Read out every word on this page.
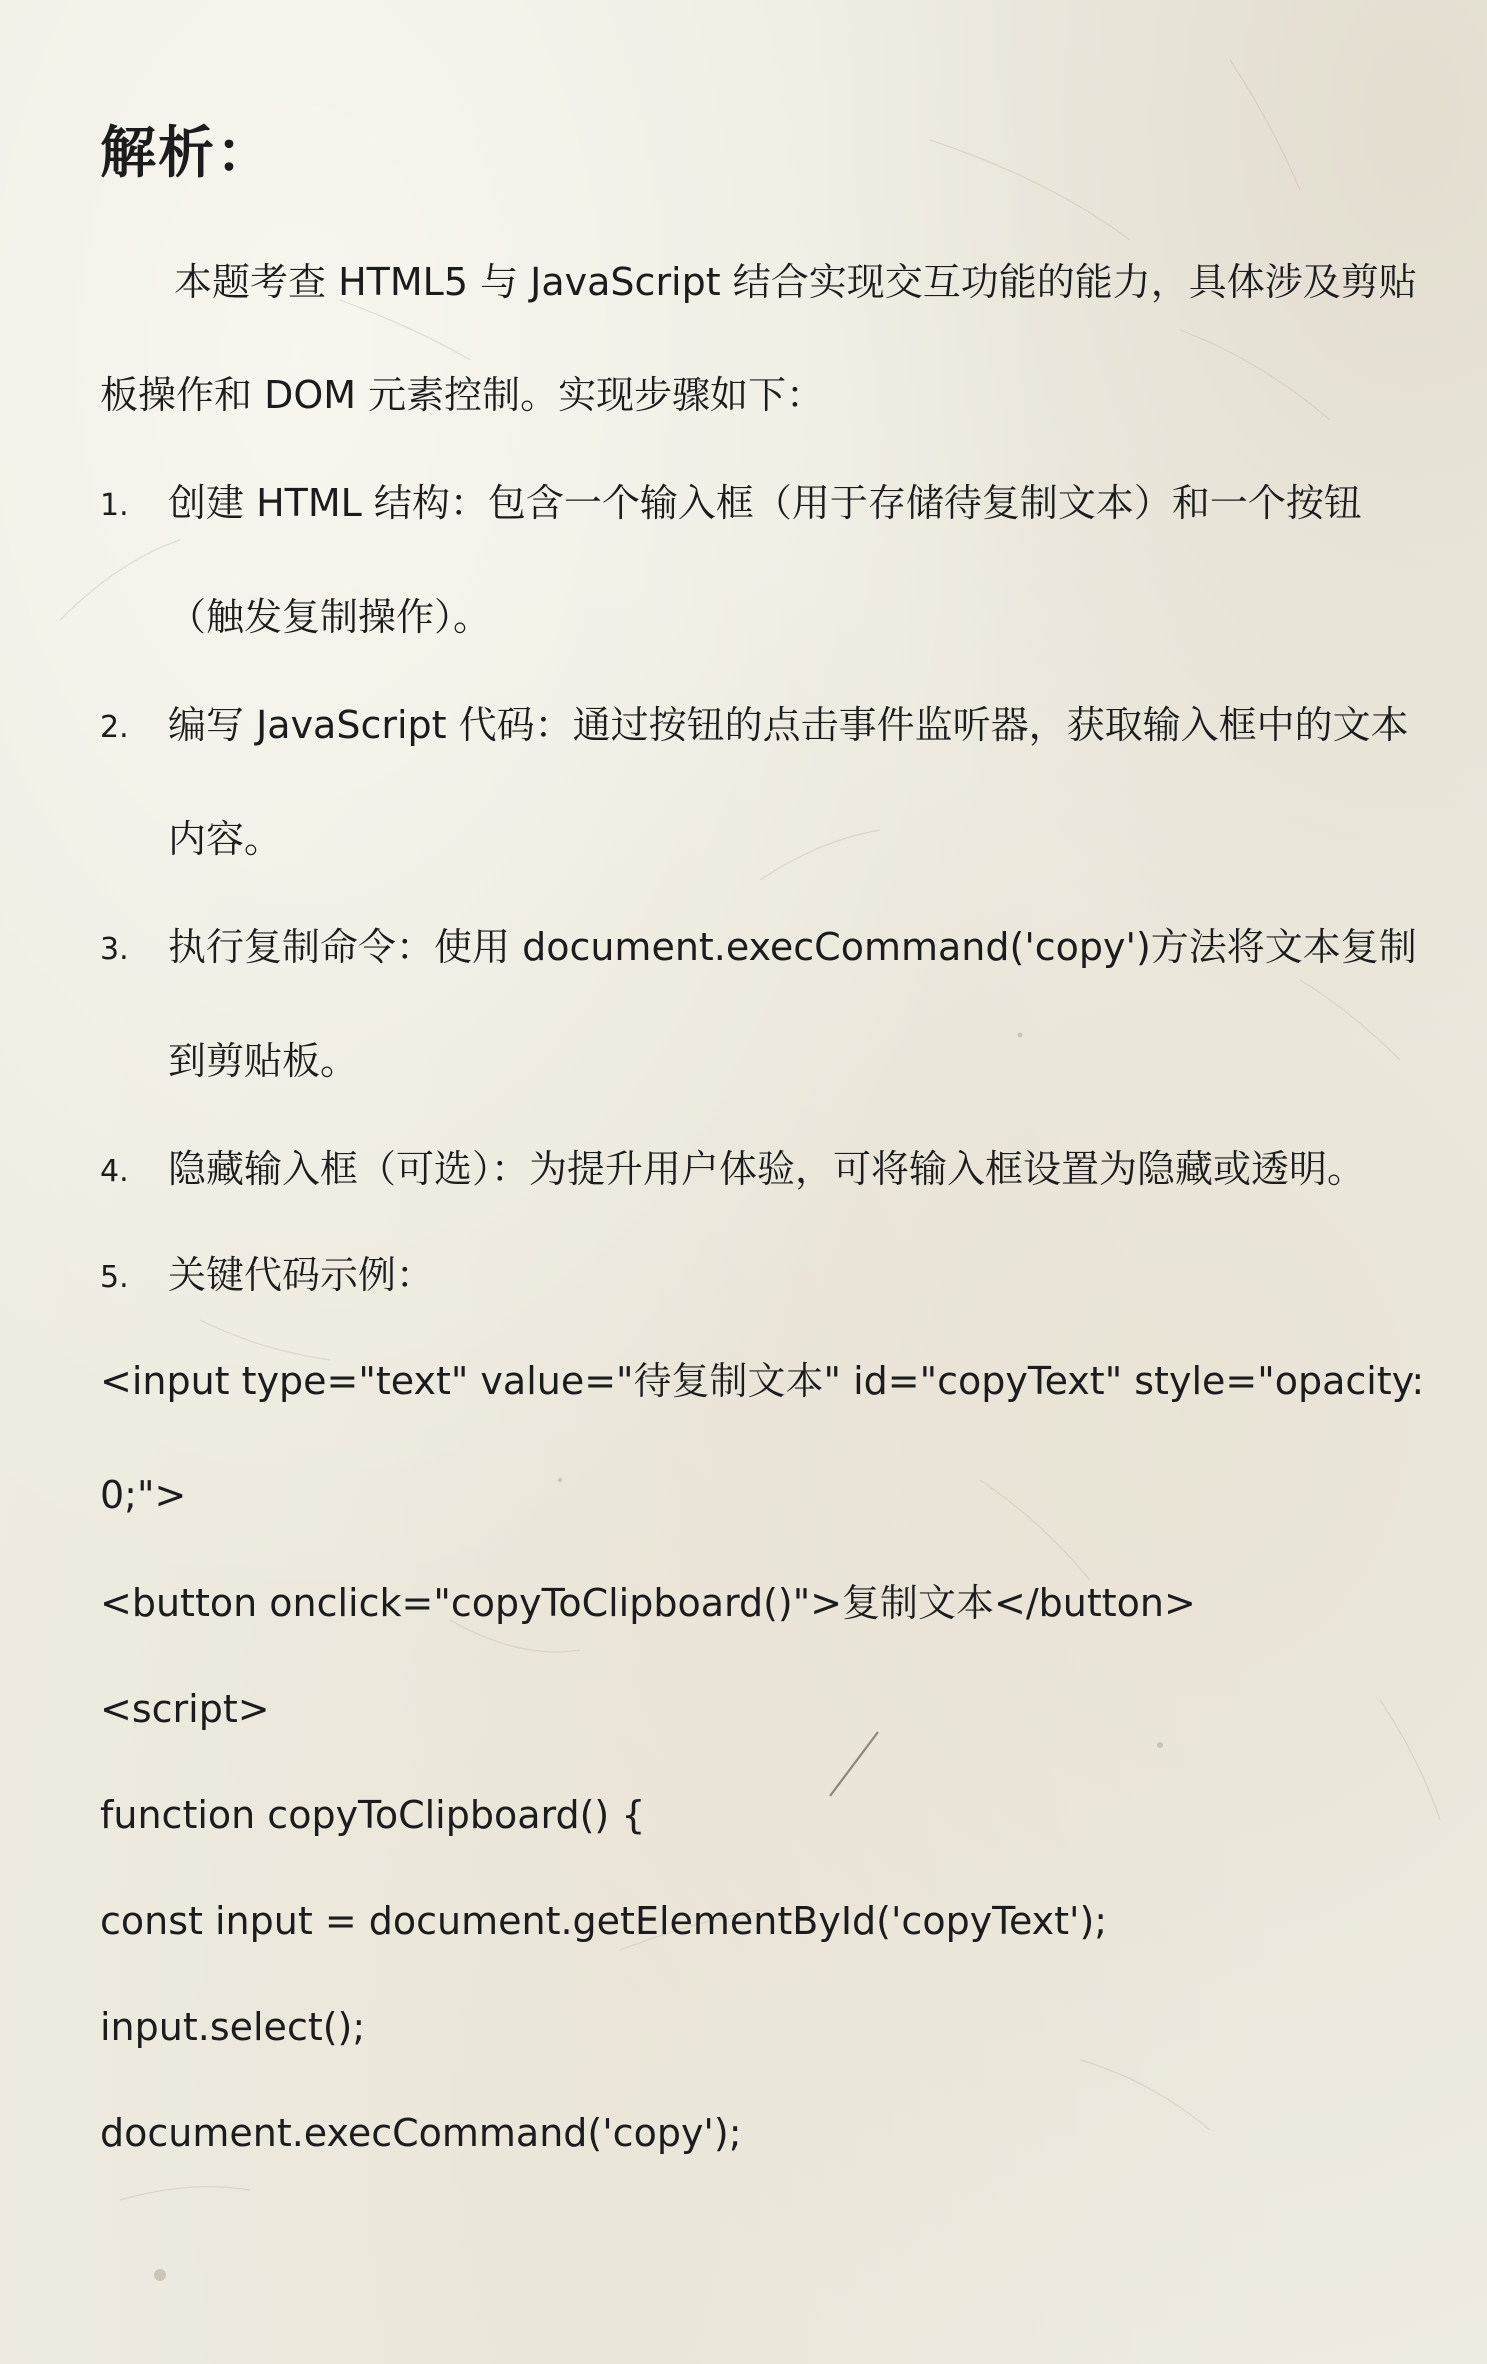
解析：
本题考查 HTML5 与 JavaScript 结合实现交互功能的能力，具体涉及剪贴
板操作和 DOM 元素控制。实现步骤如下：
1. 创建 HTML 结构：包含一个输入框（用于存储待复制文本）和一个按钮
（触发复制操作）。
2. 编写 JavaScript 代码：通过按钮的点击事件监听器，获取输入框中的文本
内容。
3. 执行复制命令：使用 document.execCommand('copy')方法将文本复制
到剪贴板。
4. 隐藏输入框（可选）：为提升用户体验，可将输入框设置为隐藏或透明。
5. 关键代码示例：
<input type="text" value="待复制文本" id="copyText" style="opacity:
0;">
<button onclick="copyToClipboard()">复制文本</button>
<script>
function copyToClipboard() {
const input = document.getElementById('copyText');
input.select();
document.execCommand('copy');
